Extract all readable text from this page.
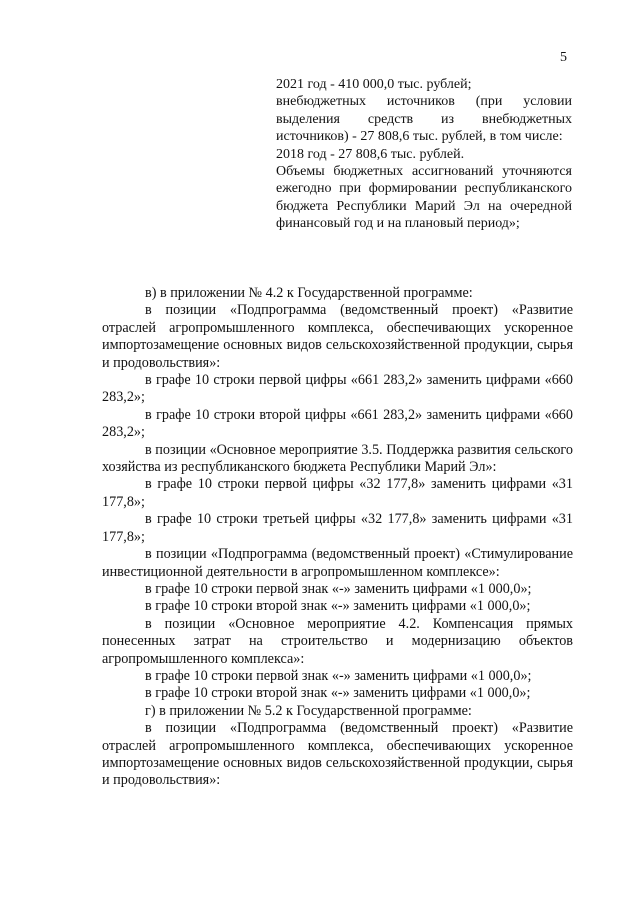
5

2021 год - 410 000,0 тыс. рублей;

внебюджетных источников (при условии выделения средств из внебюджетных источников) - 27 808,6 тыс. рублей, в том числе:

2018 год - 27 808,6 тыс. рублей.

Объемы бюджетных ассигнований уточняются ежегодно при формировании республиканского бюджета Республики Марий Эл на очередной финансовый год и на плановый период»;

в) в приложении № 4.2 к Государственной программе:

в позиции «Подпрограмма (ведомственный проект) «Развитие отраслей агропромышленного комплекса, обеспечивающих ускоренное импортозамещение основных видов сельскохозяйственной продукции, сырья и продовольствия»:

в графе 10 строки первой цифры «661 283,2» заменить цифрами «660 283,2»;

в графе 10 строки второй цифры «661 283,2» заменить цифрами «660 283,2»;

в позиции «Основное мероприятие 3.5. Поддержка развития сельского хозяйства из республиканского бюджета Республики Марий Эл»:

в графе 10 строки первой цифры «32 177,8» заменить цифрами «31 177,8»;

в графе 10 строки третьей цифры «32 177,8» заменить цифрами «31 177,8»;

в позиции «Подпрограмма (ведомственный проект) «Стимулирование инвестиционной деятельности в агропромышленном комплексе»:

в графе 10 строки первой знак «-» заменить цифрами «1 000,0»;

в графе 10 строки второй знак «-» заменить цифрами «1 000,0»;

в позиции «Основное мероприятие 4.2. Компенсация прямых понесенных затрат на строительство и модернизацию объектов агропромышленного комплекса»:

в графе 10 строки первой знак «-» заменить цифрами «1 000,0»;

в графе 10 строки второй знак «-» заменить цифрами «1 000,0»;

г) в приложении № 5.2 к Государственной программе:

в позиции «Подпрограмма (ведомственный проект) «Развитие отраслей агропромышленного комплекса, обеспечивающих ускоренное импортозамещение основных видов сельскохозяйственной продукции, сырья и продовольствия»:
